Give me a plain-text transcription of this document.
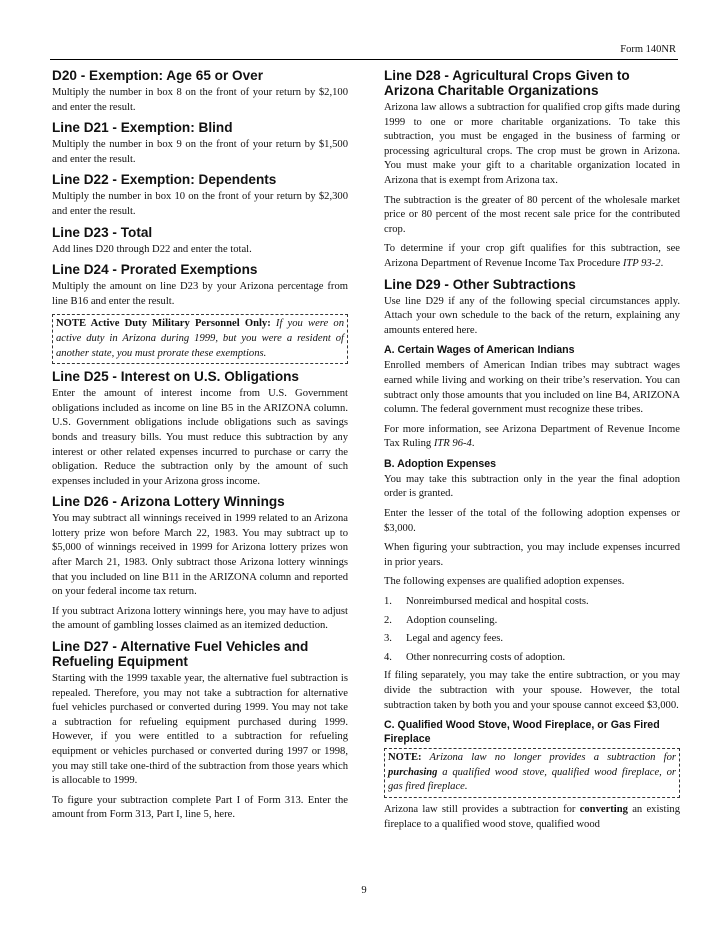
Form 140NR
D20 - Exemption: Age 65 or Over

Multiply the number in box 8 on the front of your return by $2,100 and enter the result.

Line D21 - Exemption: Blind

Multiply the number in box 9 on the front of your return by $1,500 and enter the result.

Line D22 - Exemption: Dependents

Multiply the number in box 10 on the front of your return by $2,300 and enter the result.

Line D23 - Total

Add lines D20 through D22 and enter the total.

Line D24 - Prorated Exemptions

Multiply the amount on line D23 by your Arizona percentage from line B16 and enter the result.

NOTE Active Duty Military Personnel Only: If you were on active duty in Arizona during 1999, but you were a resident of another state, you must prorate these exemptions.
Line D25 - Interest on U.S. Obligations

Enter the amount of interest income from U.S. Government obligations included as income on line B5 in the ARIZONA column. U.S. Government obligations include obligations such as savings bonds and treasury bills. You must reduce this subtraction by any interest or other related expenses incurred to purchase or carry the obligation. Reduce the subtraction only by the amount of such expenses included in your Arizona gross income.

Line D26 - Arizona Lottery Winnings

You may subtract all winnings received in 1999 related to an Arizona lottery prize won before March 22, 1983. You may subtract up to $5,000 of winnings received in 1999 for Arizona lottery prizes won after March 21, 1983. Only subtract those Arizona lottery winnings that you included on line B11 in the ARIZONA column and reported on your federal income tax return.

If you subtract Arizona lottery winnings here, you may have to adjust the amount of gambling losses claimed as an itemized deduction.

Line D27 - Alternative Fuel Vehicles and Refueling Equipment

Starting with the 1999 taxable year, the alternative fuel subtraction is repealed. Therefore, you may not take a subtraction for alternative fuel vehicles purchased or converted during 1999. You may not take a subtraction for refueling equipment purchased during 1999. However, if you were entitled to a subtraction for refueling equipment or vehicles purchased or converted during 1997 or 1998, you may still take one-third of the subtraction from those years which is allocable to 1999.

To figure your subtraction complete Part I of Form 313. Enter the amount from Form 313, Part I, line 5, here.

Line D28 - Agricultural Crops Given to Arizona Charitable Organizations

Arizona law allows a subtraction for qualified crop gifts made during 1999 to one or more charitable organizations. To take this subtraction, you must be engaged in the business of farming or processing agricultural crops. The crop must be grown in Arizona. You must make your gift to a charitable organization located in Arizona that is exempt from Arizona tax.

The subtraction is the greater of 80 percent of the wholesale market price or 80 percent of the most recent sale price for the contributed crop.

To determine if your crop gift qualifies for this subtraction, see Arizona Department of Revenue Income Tax Procedure ITP 93-2.

Line D29 - Other Subtractions

Use line D29 if any of the following special circumstances apply. Attach your own schedule to the back of the return, explaining any amounts entered here.

A. Certain Wages of American Indians

Enrolled members of American Indian tribes may subtract wages earned while living and working on their tribe’s reservation. You can subtract only those amounts that you included on line B4, ARIZONA column. The federal government must recognize these tribes.

For more information, see Arizona Department of Revenue Income Tax Ruling ITR 96-4.

B. Adoption Expenses

You may take this subtraction only in the year the final adoption order is granted.

Enter the lesser of the total of the following adoption expenses or $3,000.

When figuring your subtraction, you may include expenses incurred in prior years.

The following expenses are qualified adoption expenses.

1.	Nonreimbursed medical and hospital costs.
2.	Adoption counseling.
3.	Legal and agency fees.
4.	Other nonrecurring costs of adoption.

If filing separately, you may take the entire subtraction, or you may divide the subtraction with your spouse. However, the total subtraction taken by both you and your spouse cannot exceed $3,000.

C. Qualified Wood Stove, Wood Fireplace, or Gas Fired Fireplace
NOTE: Arizona law no longer provides a subtraction for purchasing a qualified wood stove, qualified wood fireplace, or gas fired fireplace.

Arizona law still provides a subtraction for converting an existing fireplace to a qualified wood stove, qualified wood

9
